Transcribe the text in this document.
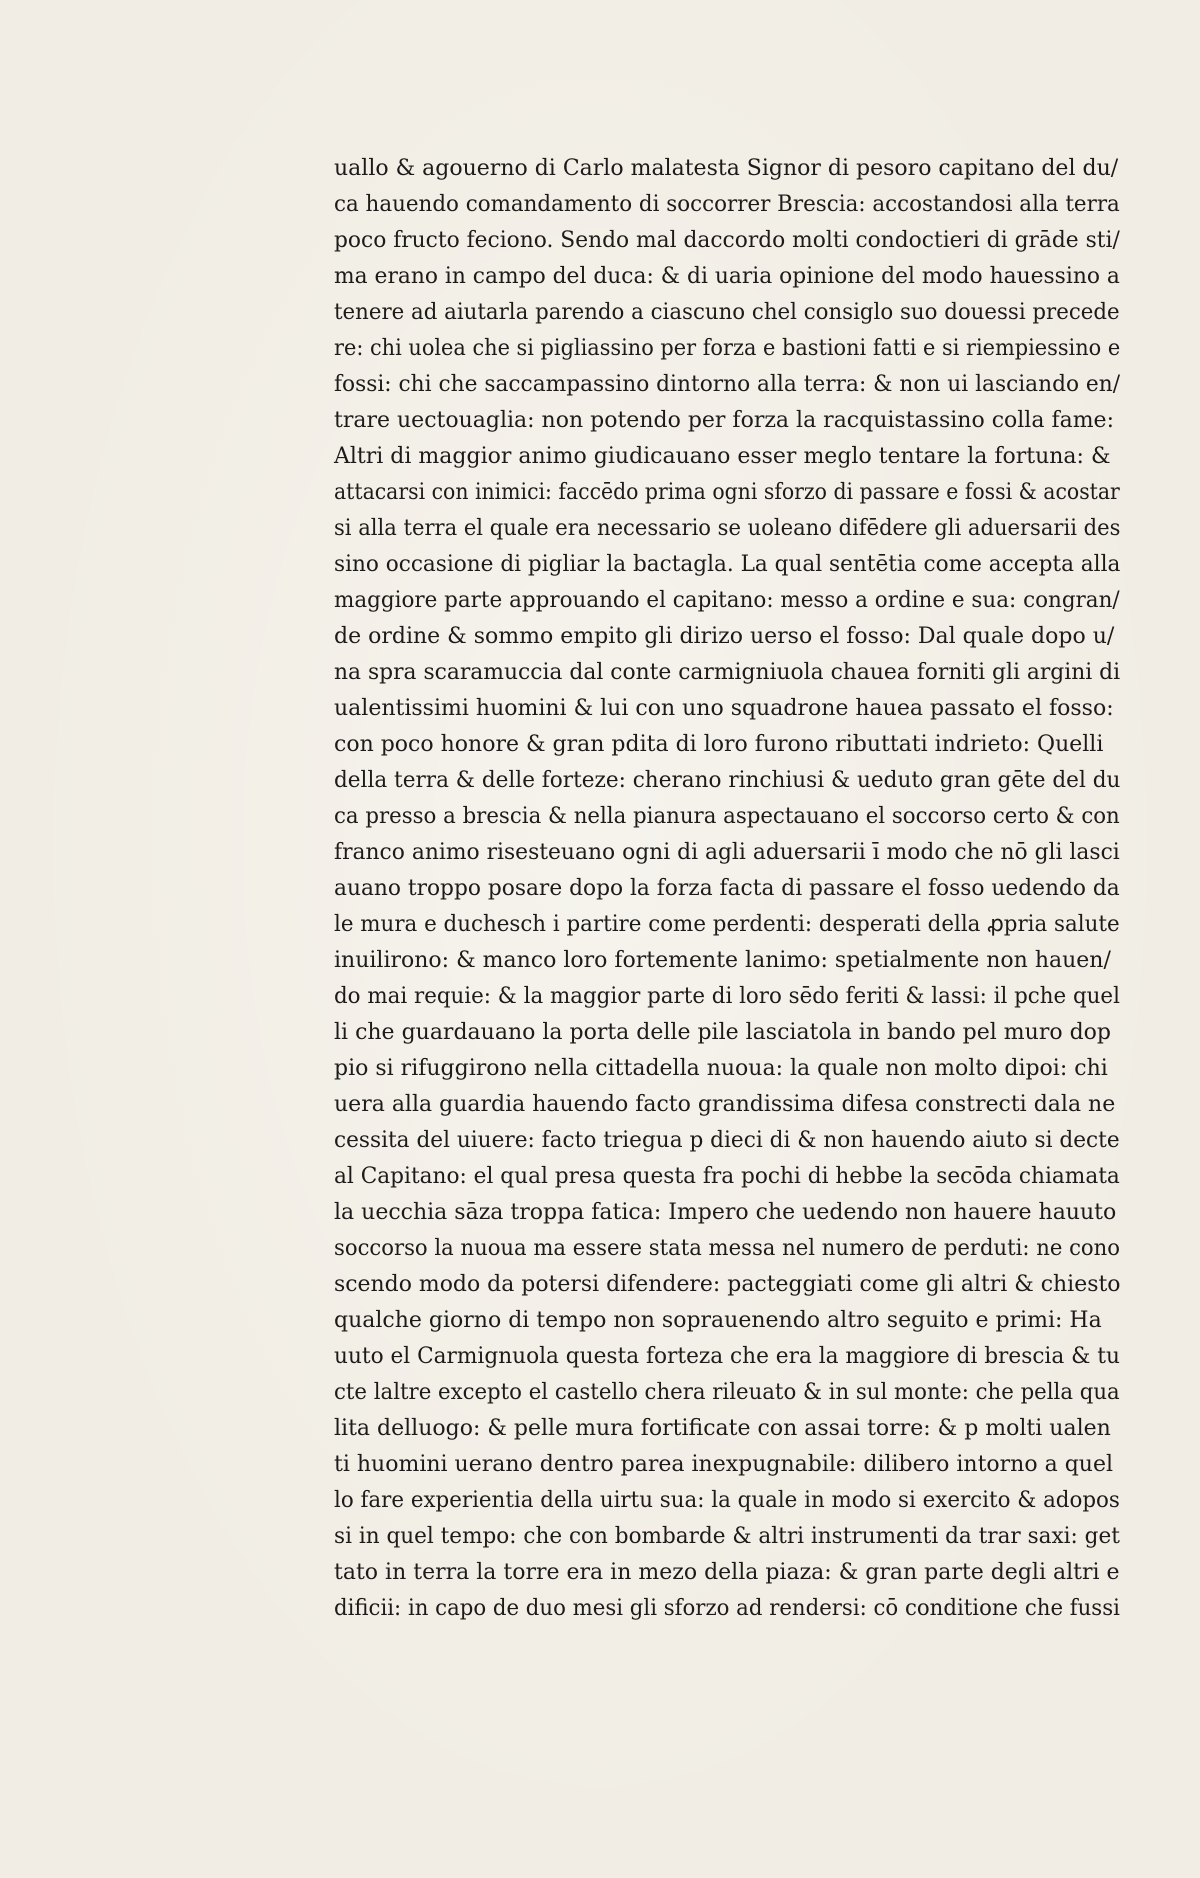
uallo & agouerno di Carlo malatesta Signor di pesoro capitano del du/
ca hauendo comandamento di soccorrer Brescia: accostandosi alla terra
poco fructo feciono. Sendo mal daccordo molti condoctieri di grāde sti/
ma erano in campo del duca: & di uaria opinione del modo hauessino a
tenere ad aiutarla parendo a ciascuno chel consiglo suo douessi precede
re: chi uolea che si pigliassino per forza e bastioni fatti e si riempiessino e
fossi: chi che saccampassino dintorno alla terra: & non ui lasciando en/
trare uectouaglia: non potendo per forza la racquistassino colla fame:
Altri di maggior animo giudicauano esser meglo tentare la fortuna: &
attacarsi con inimici: faccēdo prima ogni sforzo di passare e fossi & acostar
si alla terra el quale era necessario se uoleano difēdere gli aduersarii des
sino occasione di pigliar la bactagla. La qual sentētia come accepta alla
maggiore parte approuando el capitano: messo a ordine e sua: congran/
de ordine & sommo empito gli dirizo uerso el fosso: Dal quale dopo u/
na spra scaramuccia dal conte carmigniuola chauea forniti gli argini di
ualentissimi huomini & lui con uno squadrone hauea passato el fosso:
con poco honore & gran pdita di loro furono ributtati indrieto: Quelli
della terra & delle forteze: cherano rinchiusi & ueduto gran gēte del du
ca presso a brescia & nella pianura aspectauano el soccorso certo & con
franco animo risesteuano ogni di agli aduersarii ī modo che nō gli lasci
auano troppo posare dopo la forza facta di passare el fosso uedendo da
le mura e duchesch i partire come perdenti: desperati della ꝓpria salute
inuilirono: & manco loro fortemente lanimo: spetialmente non hauen/
do mai requie: & la maggior parte di loro sēdo feriti & lassi: il pche quel
li che guardauano la porta delle pile lasciatola in bando pel muro dop
pio si rifuggirono nella cittadella nuoua: la quale non molto dipoi: chi
uera alla guardia hauendo facto grandissima difesa constrecti dala ne
cessita del uiuere: facto triegua p dieci di & non hauendo aiuto si decte
al Capitano: el qual presa questa fra pochi di hebbe la secōda chiamata
la uecchia sāza troppa fatica: Impero che uedendo non hauere hauuto
soccorso la nuoua ma essere stata messa nel numero de perduti: ne cono
scendo modo da potersi difendere: pacteggiati come gli altri & chiesto
qualche giorno di tempo non soprauenendo altro seguito e primi: Ha
uuto el Carmignuola questa forteza che era la maggiore di brescia & tu
cte laltre excepto el castello chera rileuato & in sul monte: che pella qua
lita delluogo: & pelle mura fortificate con assai torre: & p molti ualen
ti huomini uerano dentro parea inexpugnabile: dilibero intorno a quel
lo fare experientia della uirtu sua: la quale in modo si exercito & adopos
si in quel tempo: che con bombarde & altri instrumenti da trar saxi: get
tato in terra la torre era in mezo della piaza: & gran parte degli altri e
dificii: in capo de duo mesi gli sforzo ad rendersi: cō conditione che fussi
